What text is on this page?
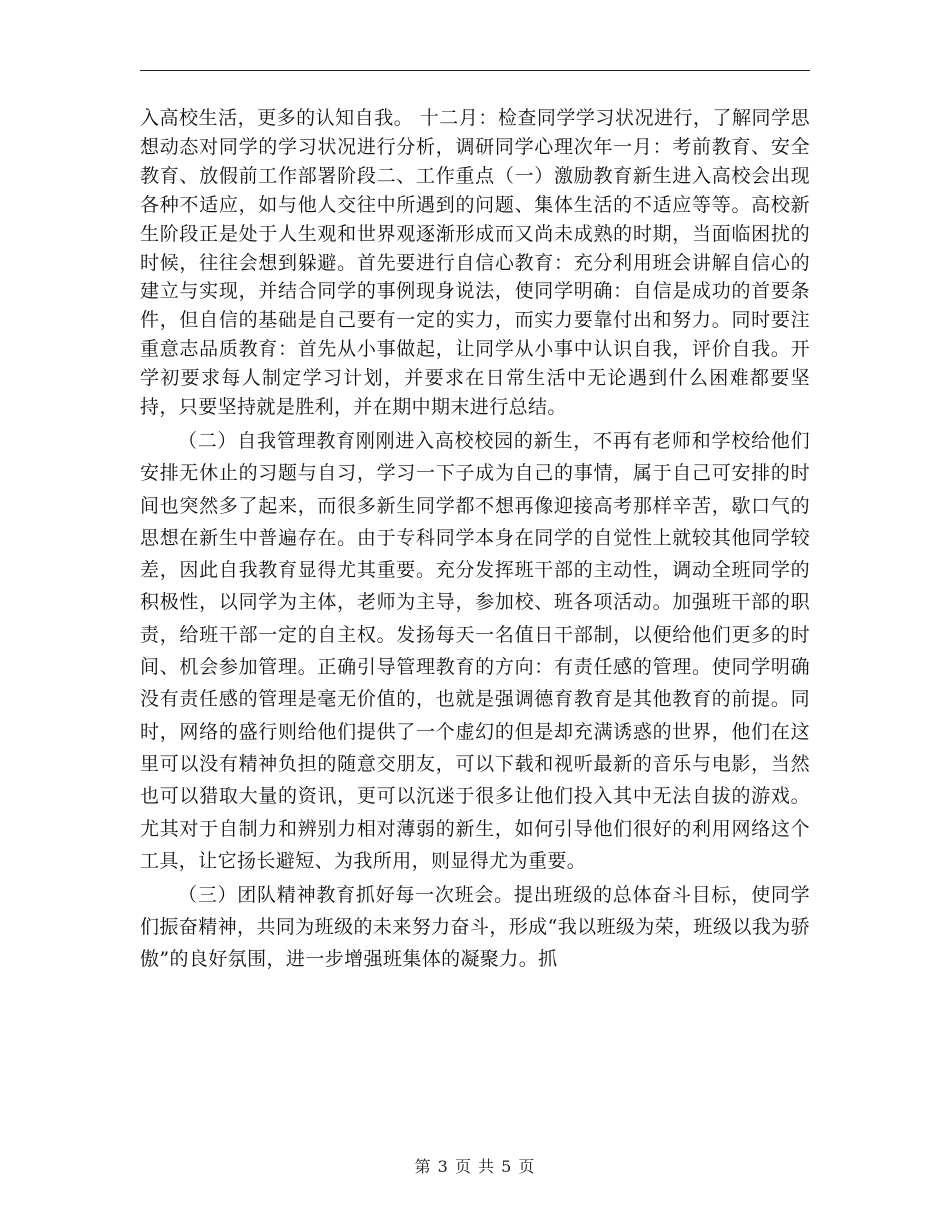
入高校生活，更多的认知自我。 十二月：检查同学学习状况进行，了解同学思想动态对同学的学习状况进行分析，调研同学心理次年一月：考前教育、安全教育、放假前工作部署阶段二、工作重点（一）激励教育新生进入高校会出现各种不适应，如与他人交往中所遇到的问题、集体生活的不适应等等。高校新生阶段正是处于人生观和世界观逐渐形成而又尚未成熟的时期，当面临困扰的时候，往往会想到躲避。首先要进行自信心教育：充分利用班会讲解自信心的建立与实现，并结合同学的事例现身说法，使同学明确：自信是成功的首要条件，但自信的基础是自己要有一定的实力，而实力要靠付出和努力。同时要注重意志品质教育：首先从小事做起，让同学从小事中认识自我，评价自我。开学初要求每人制定学习计划，并要求在日常生活中无论遇到什么困难都要坚持，只要坚持就是胜利，并在期中期末进行总结。

（二）自我管理教育刚刚进入高校校园的新生，不再有老师和学校给他们安排无休止的习题与自习，学习一下子成为自己的事情，属于自己可安排的时间也突然多了起来，而很多新生同学都不想再像迎接高考那样辛苦，歇口气的思想在新生中普遍存在。由于专科同学本身在同学的自觉性上就较其他同学较差，因此自我教育显得尤其重要。充分发挥班干部的主动性，调动全班同学的积极性，以同学为主体，老师为主导，参加校、班各项活动。加强班干部的职责，给班干部一定的自主权。发扬每天一名值日干部制，以便给他们更多的时间、机会参加管理。正确引导管理教育的方向：有责任感的管理。使同学明确没有责任感的管理是毫无价值的，也就是强调德育教育是其他教育的前提。同时，网络的盛行则给他们提供了一个虚幻的但是却充满诱惑的世界，他们在这里可以没有精神负担的随意交朋友，可以下载和视听最新的音乐与电影，当然也可以猎取大量的资讯，更可以沉迷于很多让他们投入其中无法自拔的游戏。尤其对于自制力和辨别力相对薄弱的新生，如何引导他们很好的利用网络这个工具，让它扬长避短、为我所用，则显得尤为重要。

（三）团队精神教育抓好每一次班会。提出班级的总体奋斗目标，使同学们振奋精神，共同为班级的未来努力奋斗，形成“我以班级为荣，班级以我为骄傲”的良好氛围，进一步增强班集体的凝聚力。抓

第 3 页 共 5 页
